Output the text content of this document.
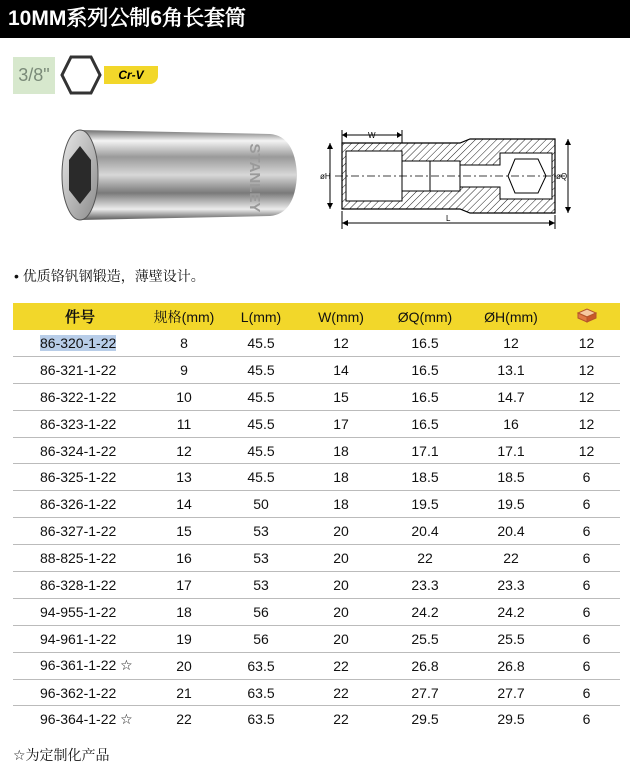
10MM系列公制6角长套筒
3/8"	Cr-V
STANLEY
W
øH	øQ
L
• 优质铬钒钢锻造，薄壁设计。
件号	规格(mm)	L(mm)	W(mm)	ØQ(mm)	ØH(mm)	
86-320-1-22	8	45.5	12	16.5	12	12
86-321-1-22	9	45.5	14	16.5	13.1	12
86-322-1-22	10	45.5	15	16.5	14.7	12
86-323-1-22	11	45.5	17	16.5	16	12
86-324-1-22	12	45.5	18	17.1	17.1	12
86-325-1-22	13	45.5	18	18.5	18.5	6
86-326-1-22	14	50	18	19.5	19.5	6
86-327-1-22	15	53	20	20.4	20.4	6
88-825-1-22	16	53	20	22	22	6
86-328-1-22	17	53	20	23.3	23.3	6
94-955-1-22	18	56	20	24.2	24.2	6
94-961-1-22	19	56	20	25.5	25.5	6
96-361-1-22 ☆	20	63.5	22	26.8	26.8	6
96-362-1-22	21	63.5	22	27.7	27.7	6
96-364-1-22 ☆	22	63.5	22	29.5	29.5	6
☆为定制化产品
